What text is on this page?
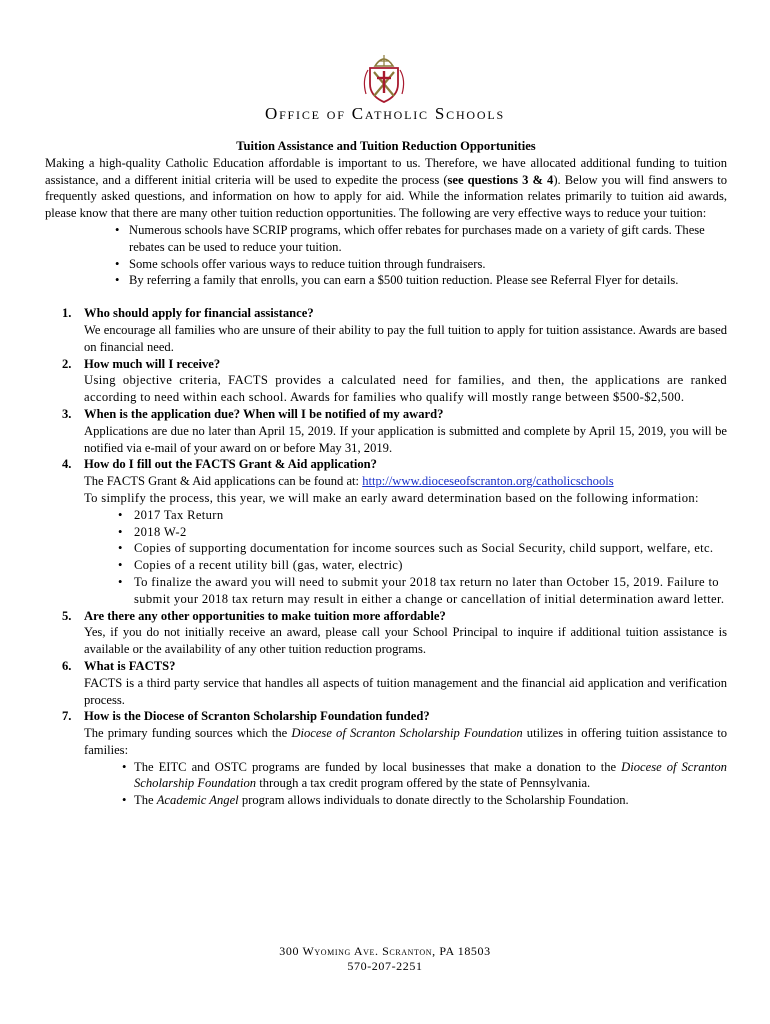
Office of Catholic Schools
Tuition Assistance and Tuition Reduction Opportunities

Making a high-quality Catholic Education affordable is important to us. Therefore, we have allocated additional funding to tuition assistance, and a different initial criteria will be used to expedite the process (see questions 3 & 4). Below you will find answers to frequently asked questions, and information on how to apply for aid. While the information relates primarily to tuition aid awards, please know that there are many other tuition reduction opportunities. The following are very effective ways to reduce your tuition:

• Numerous schools have SCRIP programs, which offer rebates for purchases made on a variety of gift cards. These rebates can be used to reduce your tuition.
• Some schools offer various ways to reduce tuition through fundraisers.
• By referring a family that enrolls, you can earn a $500 tuition reduction. Please see Referral Flyer for details.
1. Who should apply for financial assistance?
We encourage all families who are unsure of their ability to pay the full tuition to apply for tuition assistance. Awards are based on financial need.
2. How much will I receive?
Using objective criteria, FACTS provides a calculated need for families, and then, the applications are ranked according to need within each school. Awards for families who qualify will mostly range between $500-$2,500.
3. When is the application due? When will I be notified of my award?
Applications are due no later than April 15, 2019. If your application is submitted and complete by April 15, 2019, you will be notified via e-mail of your award on or before May 31, 2019.
4. How do I fill out the FACTS Grant & Aid application?
The FACTS Grant & Aid applications can be found at: http://www.dioceseofscranton.org/catholicschools
To simplify the process, this year, we will make an early award determination based on the following information:
• 2017 Tax Return
• 2018 W-2
• Copies of supporting documentation for income sources such as Social Security, child support, welfare, etc.
• Copies of a recent utility bill (gas, water, electric)
• To finalize the award you will need to submit your 2018 tax return no later than October 15, 2019. Failure to submit your 2018 tax return may result in either a change or cancellation of initial determination award letter.
5. Are there any other opportunities to make tuition more affordable?
Yes, if you do not initially receive an award, please call your School Principal to inquire if additional tuition assistance is available or the availability of any other tuition reduction programs.
6. What is FACTS?
FACTS is a third party service that handles all aspects of tuition management and the financial aid application and verification process.
7. How is the Diocese of Scranton Scholarship Foundation funded?
The primary funding sources which the Diocese of Scranton Scholarship Foundation utilizes in offering tuition assistance to families:
• The EITC and OSTC programs are funded by local businesses that make a donation to the Diocese of Scranton Scholarship Foundation through a tax credit program offered by the state of Pennsylvania.
• The Academic Angel program allows individuals to donate directly to the Scholarship Foundation.
300 Wyoming Ave. Scranton, PA 18503
570-207-2251
